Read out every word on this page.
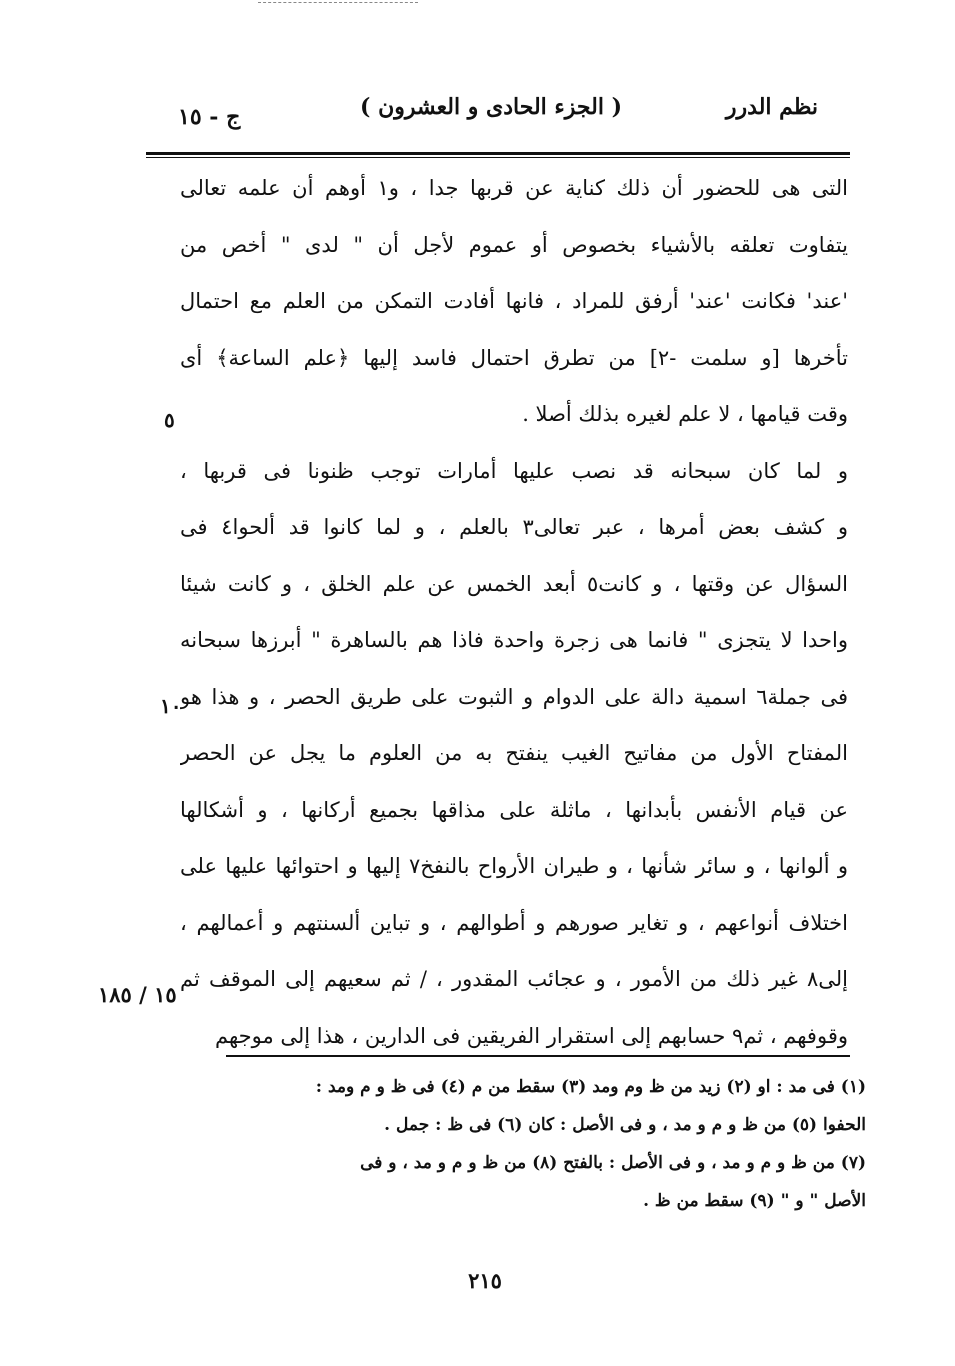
نظم الدرر
( الجزء الحادى و العشرون )
ج - ١٥
التى هى للحضور أن ذلك كناية عن قربها جدا ، و١ أوهم أن علمه تعالى
يتفاوت تعلقه بالأشياء بخصوص أو عموم لأجل أن " لدى " أخص من
'عند' فكانت 'عند' أرفق للمراد ، فانها أفادت التمكن من العلم مع احتمال
تأخرها [و سلمت -٢] من تطرق احتمال فاسد إليها ﴿علم الساعة﴾ أى
وقت قيامها ، لا علم لغيره بذلك أصلا .
و لما كان سبحانه قد نصب عليها أمارات توجب ظنونا فى قربها ،
و كشف بعض أمرها ، عبر تعالى٣ بالعلم ، و لما كانوا قد ألحوا٤ فى
السؤال عن وقتها ، و كانت٥ أبعد الخمس عن علم الخلق ، و كانت شيئا
واحدا لا يتجزى " فانما هى زجرة واحدة فاذا هم بالساهرة " أبرزها سبحانه
فى جملة٦ اسمية دالة على الدوام و الثبوت على طريق الحصر ، و هذا هو
المفتاح الأول من مفاتيح الغيب ينفتح به من العلوم ما يجل عن الحصر
عن قيام الأنفس بأبدانها ، ماثلة على مذاقها بجميع أركانها ، و أشكالها
و ألوانها ، و سائر شأنها ، و طيران الأرواح بالنفخ٧ إليها و احتوائها عليها على
اختلاف أنواعهم ، و تغاير صورهم و أطوالهم ، و تباين ألسنتهم و أعمالهم ،
إلى٨ غير ذلك من الأمور ، و عجائب المقدور ، / ثم سعيهم إلى الموقف ثم
وقوفهم ، ثم٩ حسابهم إلى استقرار الفريقين فى الدارين ، هذا إلى موجهم
٥
١٠
١٥ / ١٨٥
(١) فى مد : او (٢) زيد من ظ وم ومد (٣) سقط من م (٤) فى ظ و م ومد :
الحفوا (٥) من ظ و م و مد ، و فى الأصل : كان (٦) فى ظ : جمل .
(٧) من ظ و م و مد ، و فى الأصل : بالفتح (٨) من ظ و م و مد ، و فى
الأصل " و " (٩) سقط من ظ .
٢١٥
